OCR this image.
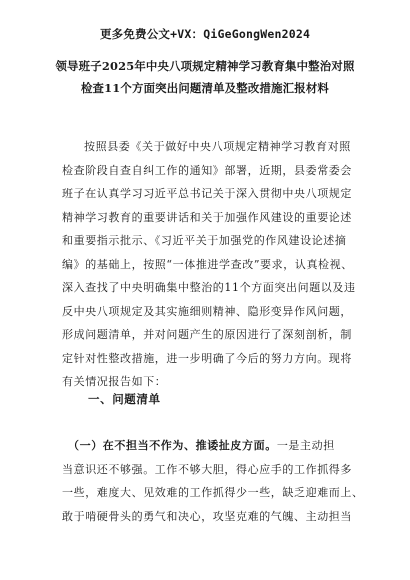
更多免费公文+VX：QiGeGongWen2024
领导班子2025年中央八项规定精神学习教育集中整治对照
检查11个方面突出问题清单及整改措施汇报材料
按照县委《关于做好中央八项规定精神学习教育对照
检查阶段自查自纠工作的通知》部署，近期，县委常委会
班子在认真学习习近平总书记关于深入贯彻中央八项规定
精神学习教育的重要讲话和关于加强作风建设的重要论述
和重要指示批示、《习近平关于加强党的作风建设论述摘
编》的基础上，按照“一体推进学查改”要求，认真检视、
深入查找了中央明确集中整治的11个方面突出问题以及违
反中央八项规定及其实施细则精神、隐形变异作风问题，
形成问题清单，并对问题产生的原因进行了深刻剖析，制
定针对性整改措施，进一步明确了今后的努力方向。现将
有关情况报告如下：
一、问题清单
（一）在不担当不作为、推诿扯皮方面。一是主动担
当意识还不够强。工作不够大胆，得心应手的工作抓得多
一些，难度大、见效难的工作抓得少一些，缺乏迎难而上、
敢于啃硬骨头的勇气和决心，攻坚克难的气魄、主动担当
